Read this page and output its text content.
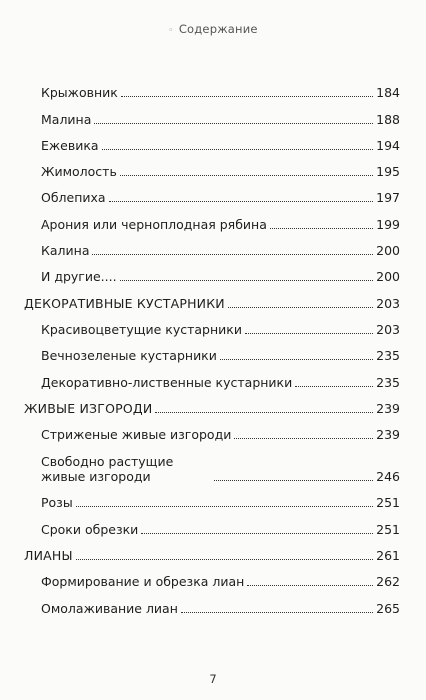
◦ Содержание
Крыжовник	184
Малина	188
Ежевика	194
Жимолость	195
Облепиха	197
Арония или черноплодная рябина	199
Калина	200
И другие....	200
ДЕКОРАТИВНЫЕ КУСТАРНИКИ	203
Красивоцветущие кустарники	203
Вечнозеленые кустарники	235
Декоративно-лиственные кустарники	235
ЖИВЫЕ ИЗГОРОДИ	239
Стриженые живые изгороди	239
Свободно растущие живые изгороди	246
Розы	251
Сроки обрезки	251
ЛИАНЫ	261
Формирование и обрезка лиан	262
Омолаживание лиан	265
7
